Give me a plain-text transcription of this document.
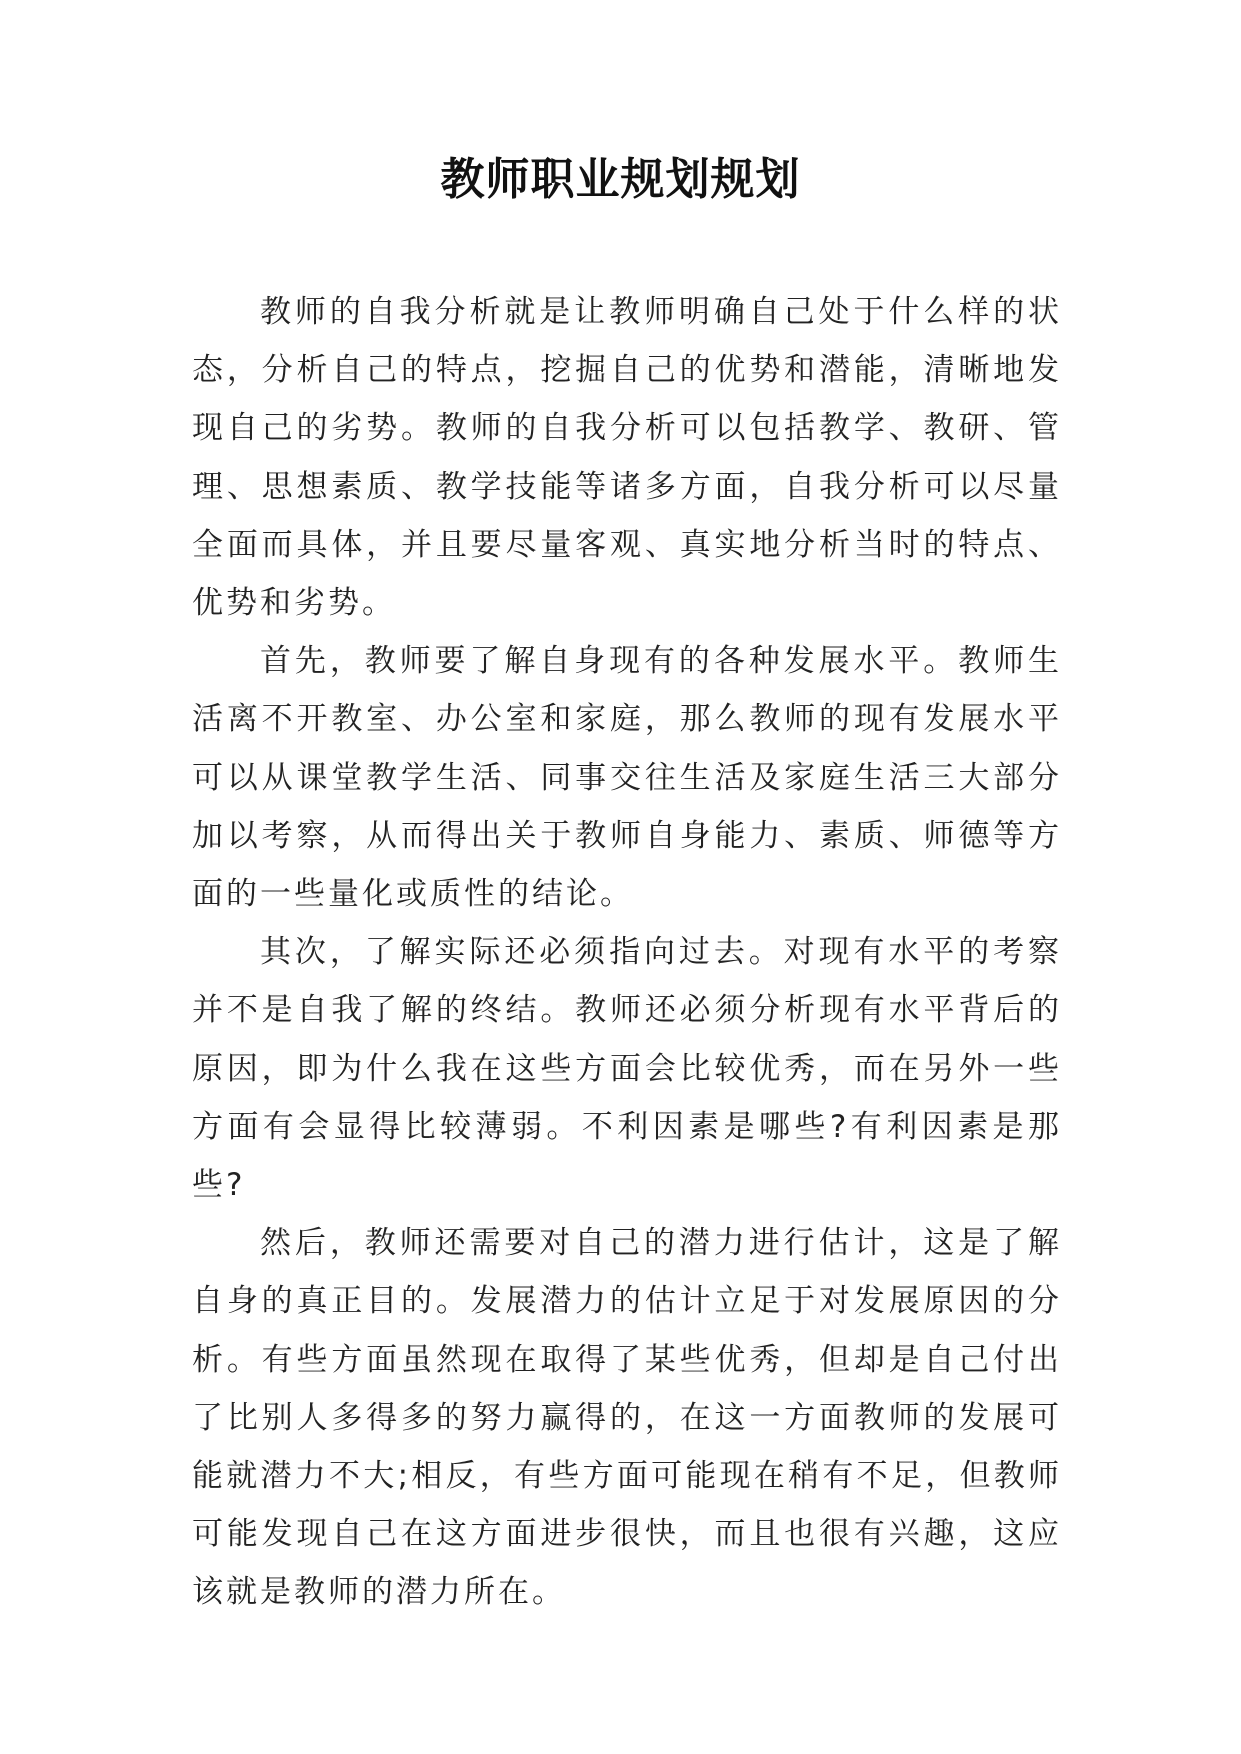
教师职业规划规划

教师的自我分析就是让教师明确自己处于什么样的状态，分析自己的特点，挖掘自己的优势和潜能，清晰地发现自己的劣势。教师的自我分析可以包括教学、教研、管理、思想素质、教学技能等诸多方面，自我分析可以尽量全面而具体，并且要尽量客观、真实地分析当时的特点、优势和劣势。

首先，教师要了解自身现有的各种发展水平。教师生活离不开教室、办公室和家庭，那么教师的现有发展水平可以从课堂教学生活、同事交往生活及家庭生活三大部分加以考察，从而得出关于教师自身能力、素质、师德等方面的一些量化或质性的结论。

其次，了解实际还必须指向过去。对现有水平的考察并不是自我了解的终结。教师还必须分析现有水平背后的原因，即为什么我在这些方面会比较优秀，而在另外一些方面有会显得比较薄弱。不利因素是哪些?有利因素是那些?

然后，教师还需要对自己的潜力进行估计，这是了解自身的真正目的。发展潜力的估计立足于对发展原因的分析。有些方面虽然现在取得了某些优秀，但却是自己付出了比别人多得多的努力赢得的，在这一方面教师的发展可能就潜力不大;相反，有些方面可能现在稍有不足，但教师可能发现自己在这方面进步很快，而且也很有兴趣，这应该就是教师的潜力所在。
